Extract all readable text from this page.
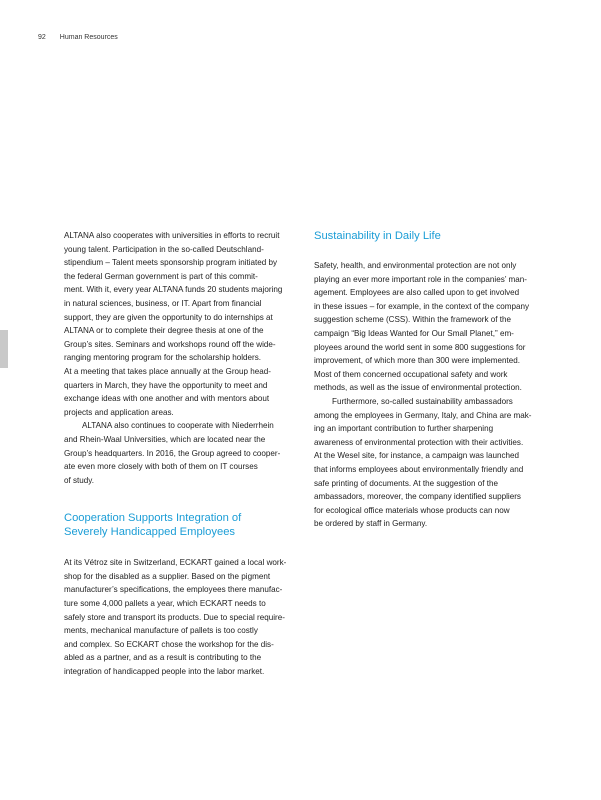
92 Human Resources

ALTANA also cooperates with universities in efforts to recruit
young talent. Participation in the so-called Deutschland-
stipendium – Talent meets sponsorship program initiated by
the federal German government is part of this commit-
ment. With it, every year ALTANA funds 20 students majoring
in natural sciences, business, or IT. Apart from financial
support, they are given the opportunity to do internships at
ALTANA or to complete their degree thesis at one of the
Group’s sites. Seminars and workshops round off the wide-
ranging mentoring program for the scholarship holders.
At a meeting that takes place annually at the Group head-
quarters in March, they have the opportunity to meet and
exchange ideas with one another and with mentors about
projects and application areas.

ALTANA also continues to cooperate with Niederrhein
and Rhein-Waal Universities, which are located near the
Group’s headquarters. In 2016, the Group agreed to cooper-
ate even more closely with both of them on IT courses
of study.

Cooperation Supports Integration of
Severely Handicapped Employees

At its Vétroz site in Switzerland, ECKART gained a local work-
shop for the disabled as a supplier. Based on the pigment
manufacturer’s specifications, the employees there manufac-
ture some 4,000 pallets a year, which ECKART needs to
safely store and transport its products. Due to special require-
ments, mechanical manufacture of pallets is too costly
and complex. So ECKART chose the workshop for the dis-
abled as a partner, and as a result is contributing to the
integration of handicapped people into the labor market.

Sustainability in Daily Life

Safety, health, and environmental protection are not only
playing an ever more important role in the companies’ man-
agement. Employees are also called upon to get involved
in these issues – for example, in the context of the company
suggestion scheme (CSS). Within the framework of the
campaign “Big Ideas Wanted for Our Small Planet,” em-
ployees around the world sent in some 800 suggestions for
improvement, of which more than 300 were implemented.
Most of them concerned occupational safety and work
methods, as well as the issue of environmental protection.

Furthermore, so-called sustainability ambassadors
among the employees in Germany, Italy, and China are mak-
ing an important contribution to further sharpening
awareness of environmental protection with their activities.
At the Wesel site, for instance, a campaign was launched
that informs employees about environmentally friendly and
safe printing of documents. At the suggestion of the
ambassadors, moreover, the company identified suppliers
for ecological office materials whose products can now
be ordered by staff in Germany.
